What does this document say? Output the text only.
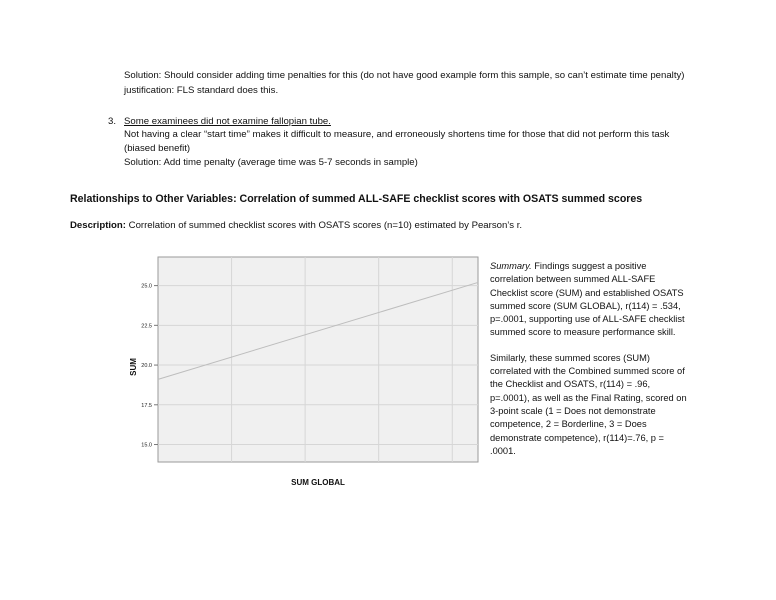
Solution: Should consider adding time penalties for this (do not have good example form this sample, so can’t estimate time penalty)
justification: FLS standard does this.
3. Some examinees did not examine fallopian tube.
Not having a clear “start time” makes it difficult to measure, and erroneously shortens time for those that did not perform this task
(biased benefit)
Solution: Add time penalty (average time was 5-7 seconds in sample)
Relationships to Other Variables: Correlation of summed ALL-SAFE checklist scores with OSATS summed scores
Description: Correlation of summed checklist scores with OSATS scores (n=10) estimated by Pearson’s r.
25.0
22.5
20.0
17.5
15.0
SUM
SUM GLOBAL

Summary. Findings suggest a positive correlation between summed ALL-SAFE Checklist score (SUM) and established OSATS summed score (SUM GLOBAL), r(114) = .534, p=.0001, supporting use of ALL-SAFE checklist summed score to measure performance skill.

Similarly, these summed scores (SUM) correlated with the Combined summed score of the Checklist and OSATS, r(114) = .96, p=.0001), as well as the Final Rating, scored on 3-point scale (1 = Does not demonstrate competence, 2 = Borderline, 3 = Does demonstrate competence), r(114)=.76, p = .0001.
